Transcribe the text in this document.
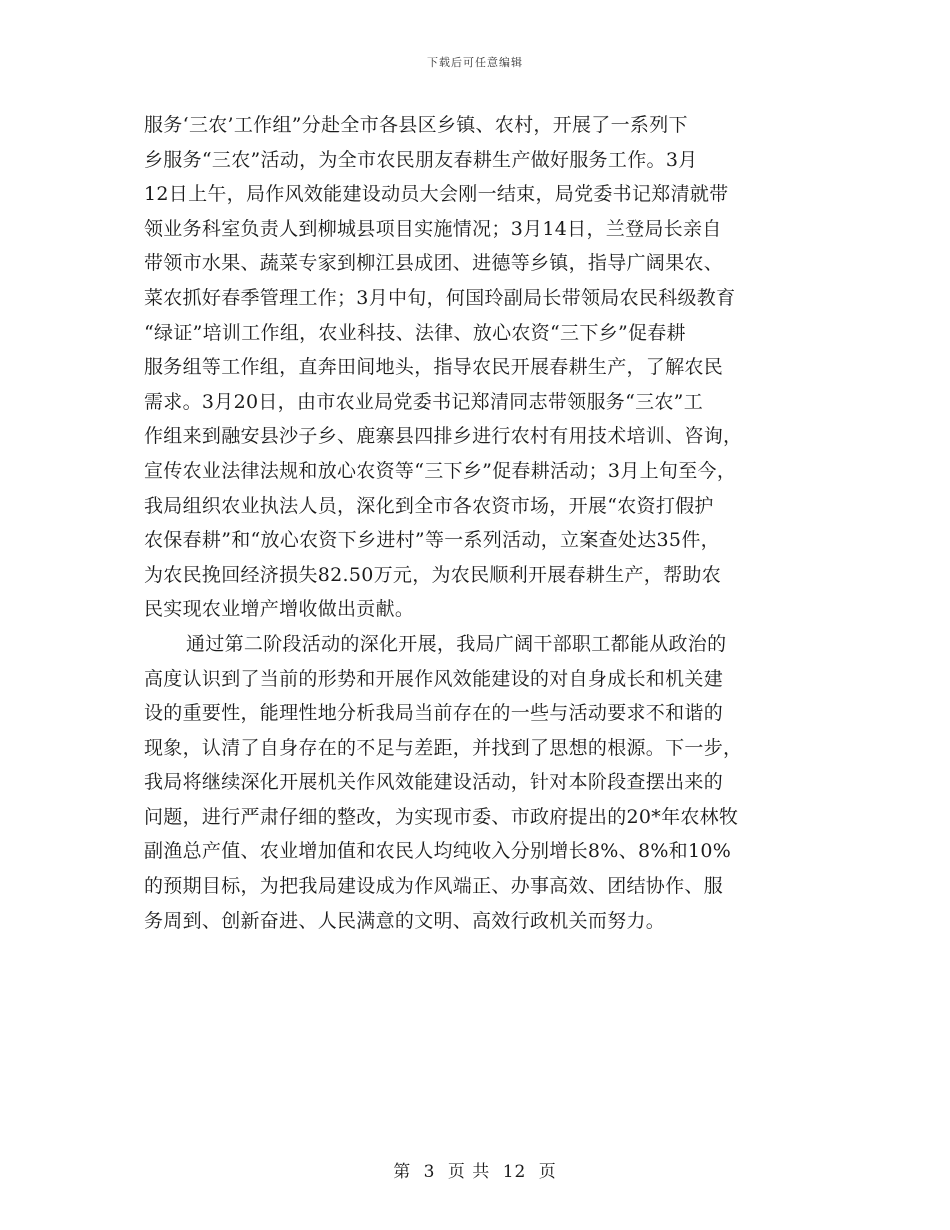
下载后可任意编辑
服务‘三农’工作组”分赴全市各县区乡镇、农村，开展了一系列下
乡服务“三农”活动，为全市农民朋友春耕生产做好服务工作。3月
12日上午，局作风效能建设动员大会刚一结束，局党委书记郑清就带
领业务科室负责人到柳城县项目实施情况；3月14日，兰登局长亲自
带领市水果、蔬菜专家到柳江县成团、进德等乡镇，指导广阔果农、
菜农抓好春季管理工作；3月中旬，何国玲副局长带领局农民科级教育
“绿证”培训工作组，农业科技、法律、放心农资“三下乡”促春耕
服务组等工作组，直奔田间地头，指导农民开展春耕生产，了解农民
需求。3月20日，由市农业局党委书记郑清同志带领服务“三农”工
作组来到融安县沙子乡、鹿寨县四排乡进行农村有用技术培训、咨询，
宣传农业法律法规和放心农资等“三下乡”促春耕活动；3月上旬至今，
我局组织农业执法人员，深化到全市各农资市场，开展“农资打假护
农保春耕”和“放心农资下乡进村”等一系列活动，立案查处达35件，
为农民挽回经济损失82.50万元，为农民顺利开展春耕生产，帮助农
民实现农业增产增收做出贡献。
通过第二阶段活动的深化开展，我局广阔干部职工都能从政治的
高度认识到了当前的形势和开展作风效能建设的对自身成长和机关建
设的重要性，能理性地分析我局当前存在的一些与活动要求不和谐的
现象，认清了自身存在的不足与差距，并找到了思想的根源。下一步，
我局将继续深化开展机关作风效能建设活动，针对本阶段查摆出来的
问题，进行严肃仔细的整改，为实现市委、市政府提出的20*年农林牧
副渔总产值、农业增加值和农民人均纯收入分别增长8%、8%和10%
的预期目标，为把我局建设成为作风端正、办事高效、团结协作、服
务周到、创新奋进、人民满意的文明、高效行政机关而努力。
第 3 页 共 12 页
